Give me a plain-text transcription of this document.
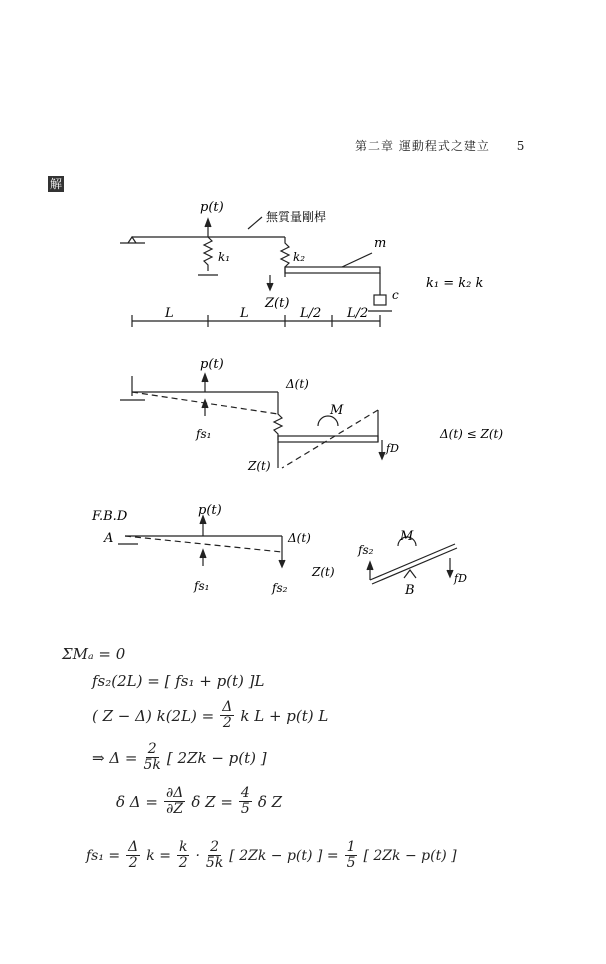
第二章 運動程式之建立 5
解
p(t)
無質量剛桿
m
k₁	k₂
c
Z(t)
k₁ = k₂ k
L	L	L/2 L/2
p(t)
Δ(t)
M
fs₁
fD
Z(t)
Δ(t) ≤ Z(t)
F.B.D
A
p(t)
Δ(t)
fs₁	fs₂
fs₂
M
Z(t)	fD
B
ΣMₐ = 0
fs₂(2L) = [ fs₁ + p(t) ]L
( Z − Δ) $k(2L) = \frac{\Delta}{2}$ k L + p(t) L
⇒ $\Delta = \frac{2}{5k}$ [ 2Zk − p(t) ]
δ $\Delta = \frac{\partial\Delta}{\partial Z}$ δ $Z = \frac{4}{5}$ δ Z
$fs_1 = \frac{\Delta}{2}$ $k = \frac{k}{2} \cdot \frac{2}{5k}$ [ 2Zk − p(t) ] = $\frac{1}{5}$ [ 2Zk − p(t) ]
